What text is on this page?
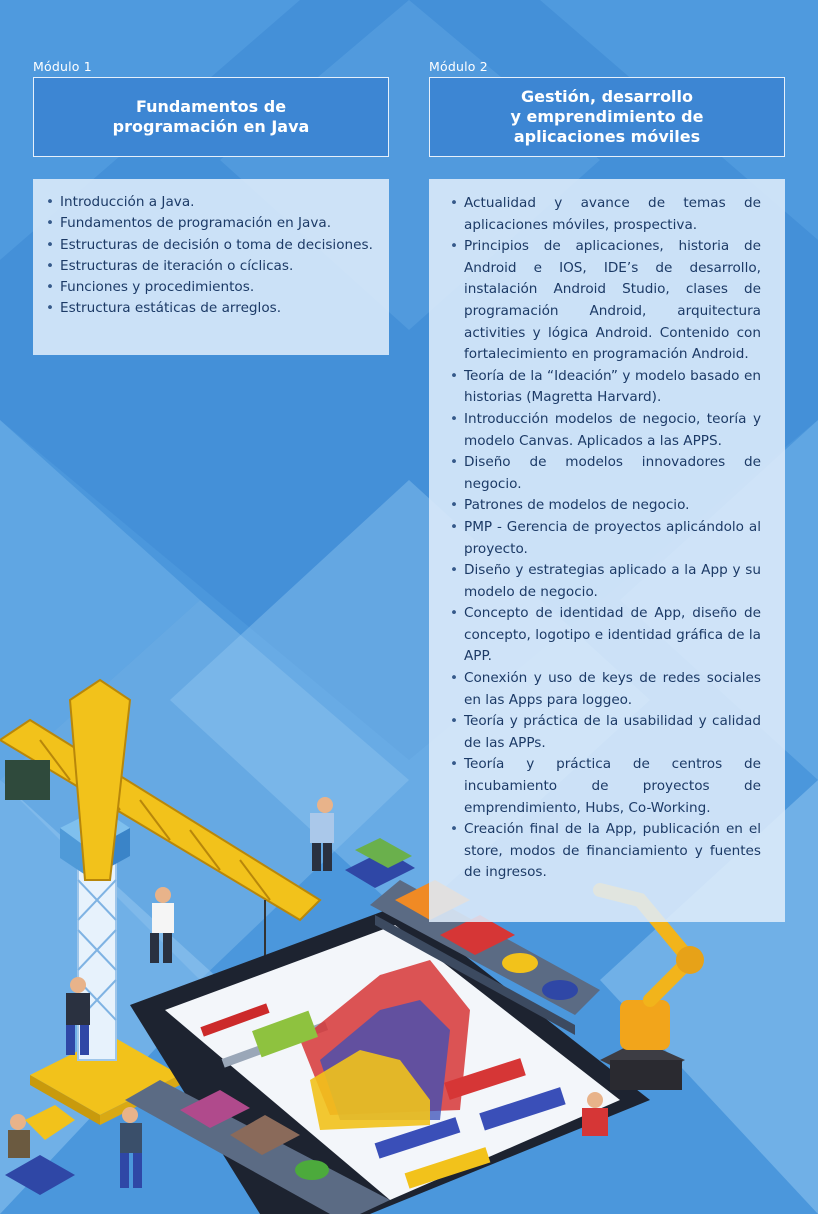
Módulo 1
Fundamentos de
programación en Java
• Introducción a Java.
• Fundamentos de programación en Java.
• Estructuras de decisión o toma de decisiones.
• Estructuras de iteración o cíclicas.
• Funciones y procedimientos.
• Estructura estáticas de arreglos.
Módulo 2
Gestión, desarrollo
y emprendimiento de
aplicaciones móviles
• Actualidad y avance de temas de aplicaciones móviles, prospectiva.
• Principios de aplicaciones, historia de Android e IOS, IDE’s de desarrollo, instalación Android Studio, clases de programación Android, arquitectura activities y lógica Android. Contenido con fortalecimiento en programación Android.
• Teoría de la “Ideación” y modelo basado en historias (Magretta Harvard).
• Introducción modelos de negocio, teoría y modelo Canvas. Aplicados a las APPS.
• Diseño de modelos innovadores de negocio.
• Patrones de modelos de negocio.
• PMP - Gerencia de proyectos aplicándolo al proyecto.
• Diseño y estrategias aplicado a la App y su modelo de negocio.
• Concepto de identidad de App, diseño de concepto, logotipo e identidad gráfica de la APP.
• Conexión y uso de keys de redes sociales en las Apps para loggeo.
• Teoría y práctica de la usabilidad y calidad de las APPs.
• Teoría y práctica de centros de incubamiento de proyectos de emprendimiento, Hubs, Co-Working.
• Creación final de la App, publicación en el store, modos de financiamiento y fuentes de ingresos.
